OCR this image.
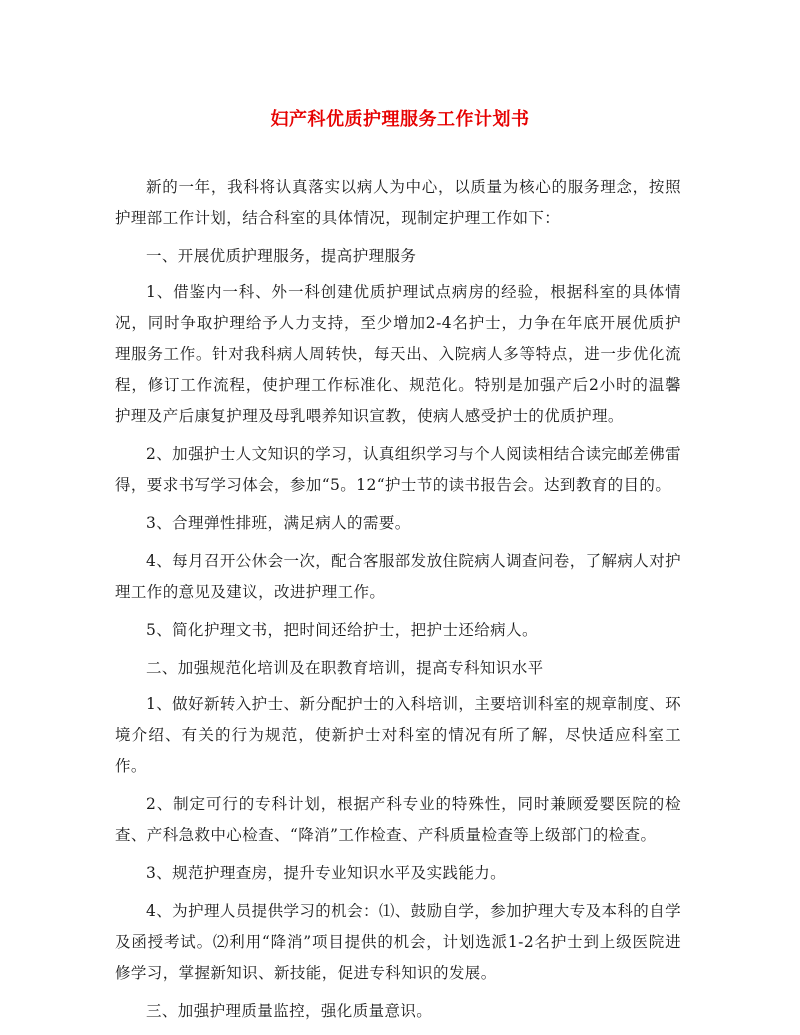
妇产科优质护理服务工作计划书

新的一年，我科将认真落实以病人为中心，以质量为核心的服务理念，按照护理部工作计划，结合科室的具体情况，现制定护理工作如下：

一、开展优质护理服务，提高护理服务

1、借鉴内一科、外一科创建优质护理试点病房的经验，根据科室的具体情况，同时争取护理给予人力支持，至少增加2-4名护士，力争在年底开展优质护理服务工作。针对我科病人周转快，每天出、入院病人多等特点，进一步优化流程，修订工作流程，使护理工作标准化、规范化。特别是加强产后2小时的温馨护理及产后康复护理及母乳喂养知识宣教，使病人感受护士的优质护理。

2、加强护士人文知识的学习，认真组织学习与个人阅读相结合读完邮差佛雷得，要求书写学习体会，参加“5。12“护士节的读书报告会。达到教育的目的。

3、合理弹性排班，满足病人的需要。

4、每月召开公休会一次，配合客服部发放住院病人调查问卷，了解病人对护理工作的意见及建议，改进护理工作。

5、简化护理文书，把时间还给护士，把护士还给病人。

二、加强规范化培训及在职教育培训，提高专科知识水平

1、做好新转入护士、新分配护士的入科培训，主要培训科室的规章制度、环境介绍、有关的行为规范，使新护士对科室的情况有所了解，尽快适应科室工作。

2、制定可行的专科计划，根据产科专业的特殊性，同时兼顾爱婴医院的检查、产科急救中心检查、“降消”工作检查、产科质量检查等上级部门的检查。

3、规范护理查房，提升专业知识水平及实践能力。

4、为护理人员提供学习的机会：⑴、鼓励自学，参加护理大专及本科的自学及函授考试。⑵利用“降消”项目提供的机会，计划选派1-2名护士到上级医院进修学习，掌握新知识、新技能，促进专科知识的发展。

三、加强护理质量监控，强化质量意识。
